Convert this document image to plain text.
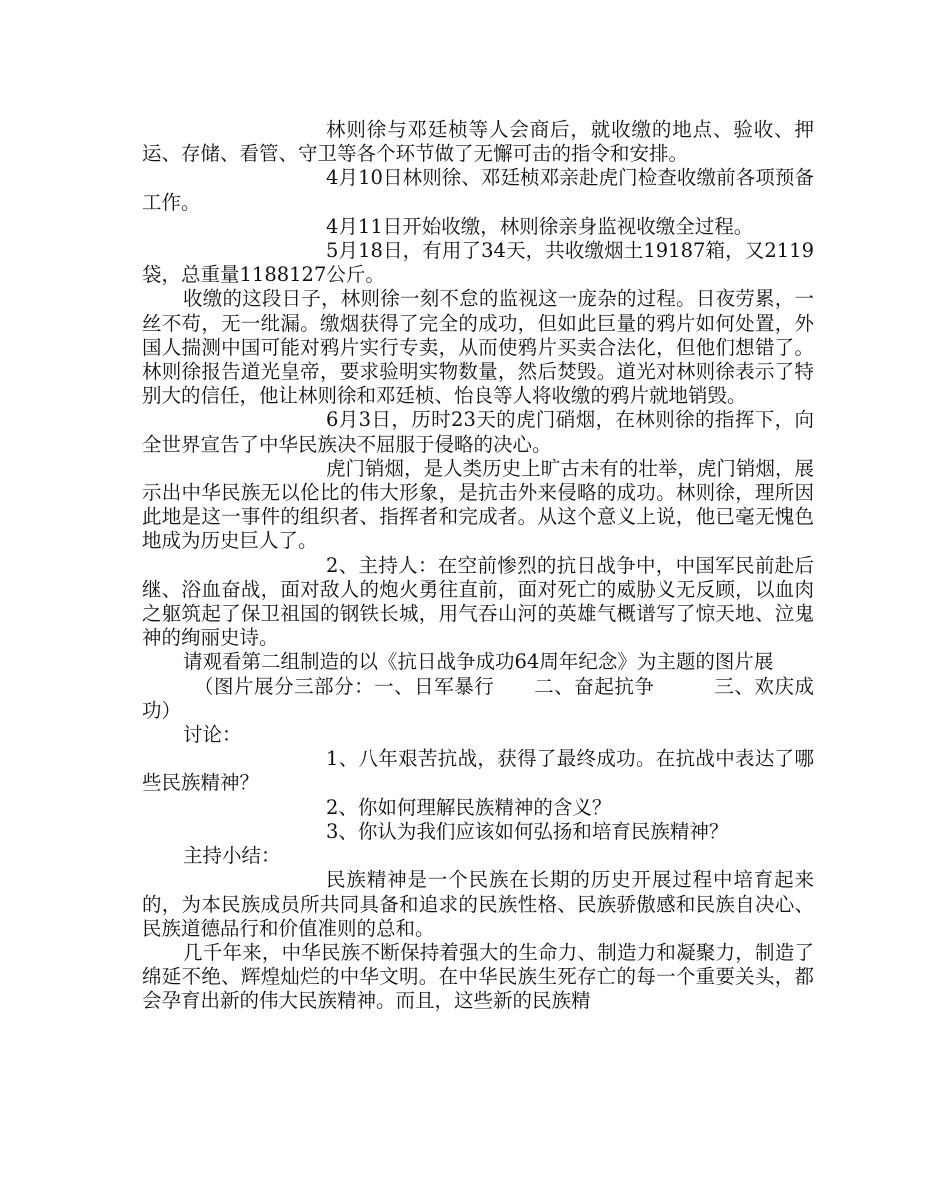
林则徐与邓廷桢等人会商后，就收缴的地点、验收、押运、存储、看管、守卫等各个环节做了无懈可击的指令和安排。

4月10日林则徐、邓廷桢邓亲赴虎门检查收缴前各项预备工作。

4月11日开始收缴，林则徐亲身监视收缴全过程。

5月18日，有用了34天，共收缴烟土19187箱，又2119袋，总重量1188127公斤。

收缴的这段日子，林则徐一刻不怠的监视这一庞杂的过程。日夜劳累，一丝不苟，无一纰漏。缴烟获得了完全的成功，但如此巨量的鸦片如何处置，外国人揣测中国可能对鸦片实行专卖，从而使鸦片买卖合法化，但他们想错了。林则徐报告道光皇帝，要求验明实物数量，然后焚毁。道光对林则徐表示了特别大的信任，他让林则徐和邓廷桢、怡良等人将收缴的鸦片就地销毁。

6月3日，历时23天的虎门硝烟，在林则徐的指挥下，向全世界宣告了中华民族决不屈服于侵略的决心。

虎门销烟，是人类历史上旷古未有的壮举，虎门销烟，展示出中华民族无以伦比的伟大形象，是抗击外来侵略的成功。林则徐，理所因此地是这一事件的组织者、指挥者和完成者。从这个意义上说，他已毫无愧色地成为历史巨人了。

2、主持人：在空前惨烈的抗日战争中，中国军民前赴后继、浴血奋战，面对敌人的炮火勇往直前，面对死亡的威胁义无反顾，以血肉之躯筑起了保卫祖国的钢铁长城，用气吞山河的英雄气概谱写了惊天地、泣鬼神的绚丽史诗。

请观看第二组制造的以《抗日战争成功64周年纪念》为主题的图片展

（图片展分三部分：一、日军暴行　　二、奋起抗争　　　三、欢庆成功）

讨论：

1、八年艰苦抗战，获得了最终成功。在抗战中表达了哪些民族精神？

2、你如何理解民族精神的含义？

3、你认为我们应该如何弘扬和培育民族精神？

主持小结：

民族精神是一个民族在长期的历史开展过程中培育起来的，为本民族成员所共同具备和追求的民族性格、民族骄傲感和民族自决心、民族道德品行和价值准则的总和。

几千年来，中华民族不断保持着强大的生命力、制造力和凝聚力，制造了绵延不绝、辉煌灿烂的中华文明。在中华民族生死存亡的每一个重要关头，都会孕育出新的伟大民族精神。而且，这些新的民族精
